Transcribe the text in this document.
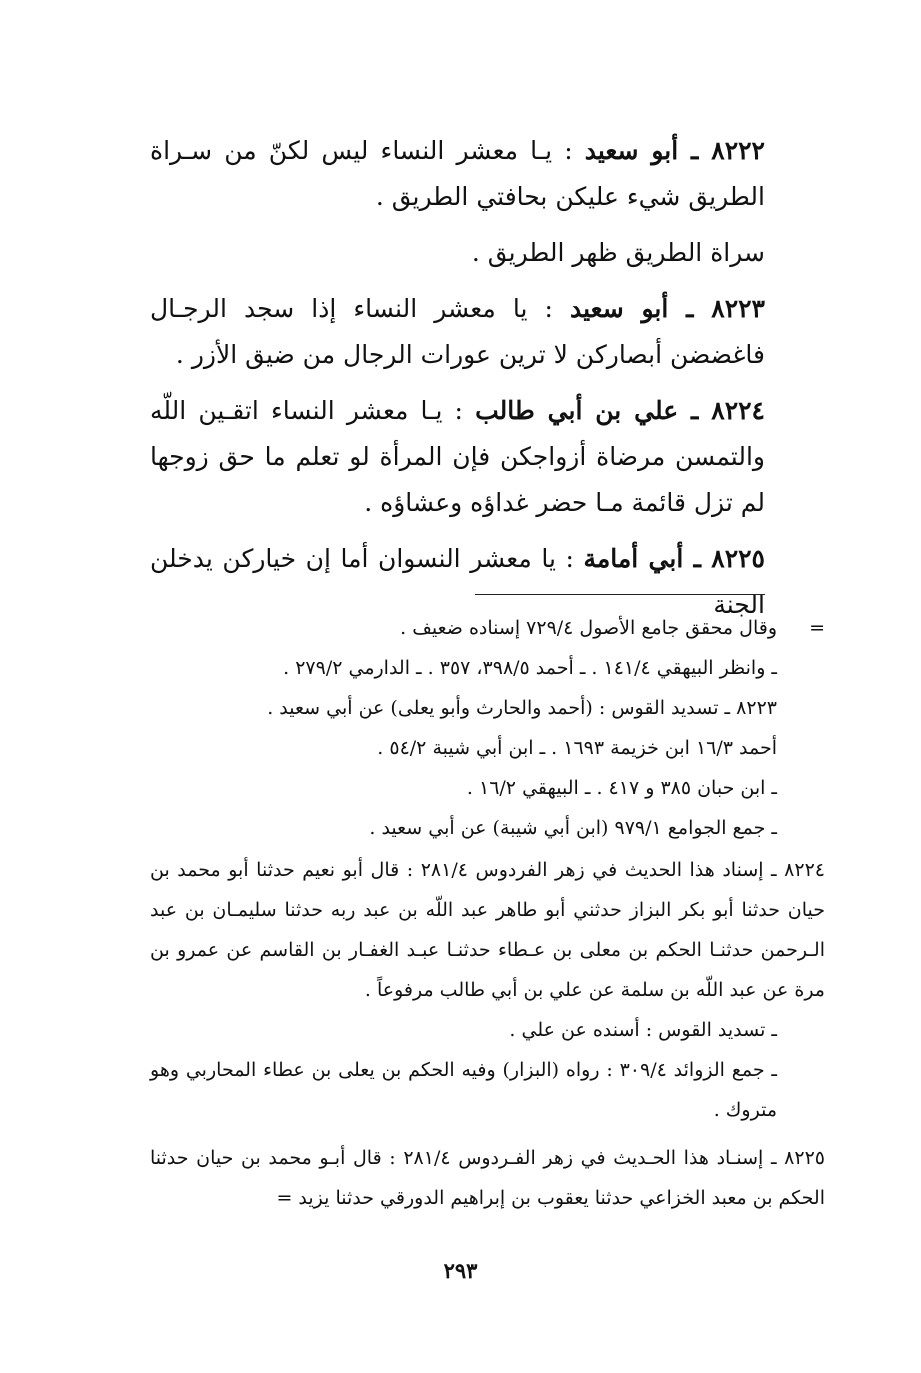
٨٢٢٢ ـ أبو سعيد : يـا معشر النساء ليس لكنّ من سـراة الطريق شيء عليكن بحافتي الطريق .

سراة الطريق ظهر الطريق .

٨٢٢٣ ـ أبو سعيد : يا معشر النساء إذا سجد الرجـال فاغضضن أبصاركن لا ترين عورات الرجال من ضيق الأزر .

٨٢٢٤ ـ علي بن أبي طالب : يـا معشر النساء اتقـين اللّه والتمسن مرضاة أزواجكن فإن المرأة لو تعلم ما حق زوجها لم تزل قائمة مـا حضر غداؤه وعشاؤه .

٨٢٢٥ ـ أبي أمامة : يا معشر النسوان أما إن خياركن يدخلن الجنة

=وقال محقق جامع الأصول ٧٢٩/٤ إسناده ضعيف .

ـ وانظر البيهقي ١٤١/٤ . ـ أحمد ٣٩٨/٥، ٣٥٧ . ـ الدارمي ٢٧٩/٢ .

٨٢٢٣ ـ تسديد القوس : (أحمد والحارث وأبو يعلى) عن أبي سعيد .

أحمد ١٦/٣ ابن خزيمة ١٦٩٣ . ـ ابن أبي شيبة ٥٤/٢ .

ـ ابن حبان ٣٨٥ و ٤١٧ . ـ البيهقي ١٦/٢ .

ـ جمع الجوامع ٩٧٩/١ (ابن أبي شيبة) عن أبي سعيد .

٨٢٢٤ ـ إسناد هذا الحديث في زهر الفردوس ٢٨١/٤ : قال أبو نعيم حدثنا أبو محمد بن حيان حدثنا أبو بكر البزاز حدثني أبو طاهر عبد اللّه بن عبد ربه حدثنا سليمـان بن عبد الـرحمن حدثنـا الحكم بن معلى بن عـطاء حدثنـا عبـد الغفـار بن القاسم عن عمرو بن مرة عن عبد اللّه بن سلمة عن علي بن أبي طالب مرفوعاً .

ـ تسديد القوس : أسنده عن علي .

ـ جمع الزوائد ٣٠٩/٤ : رواه (البزار) وفيه الحكم بن يعلى بن عطاء المحاربي وهو متروك .

٨٢٢٥ ـ إسنـاد هذا الحـديث في زهر الفـردوس ٢٨١/٤ : قال أبـو محمد بن حيان حدثنا الحكم بن معبد الخزاعي حدثنا يعقوب بن إبراهيم الدورقي حدثنا يزيد =

٢٩٣
